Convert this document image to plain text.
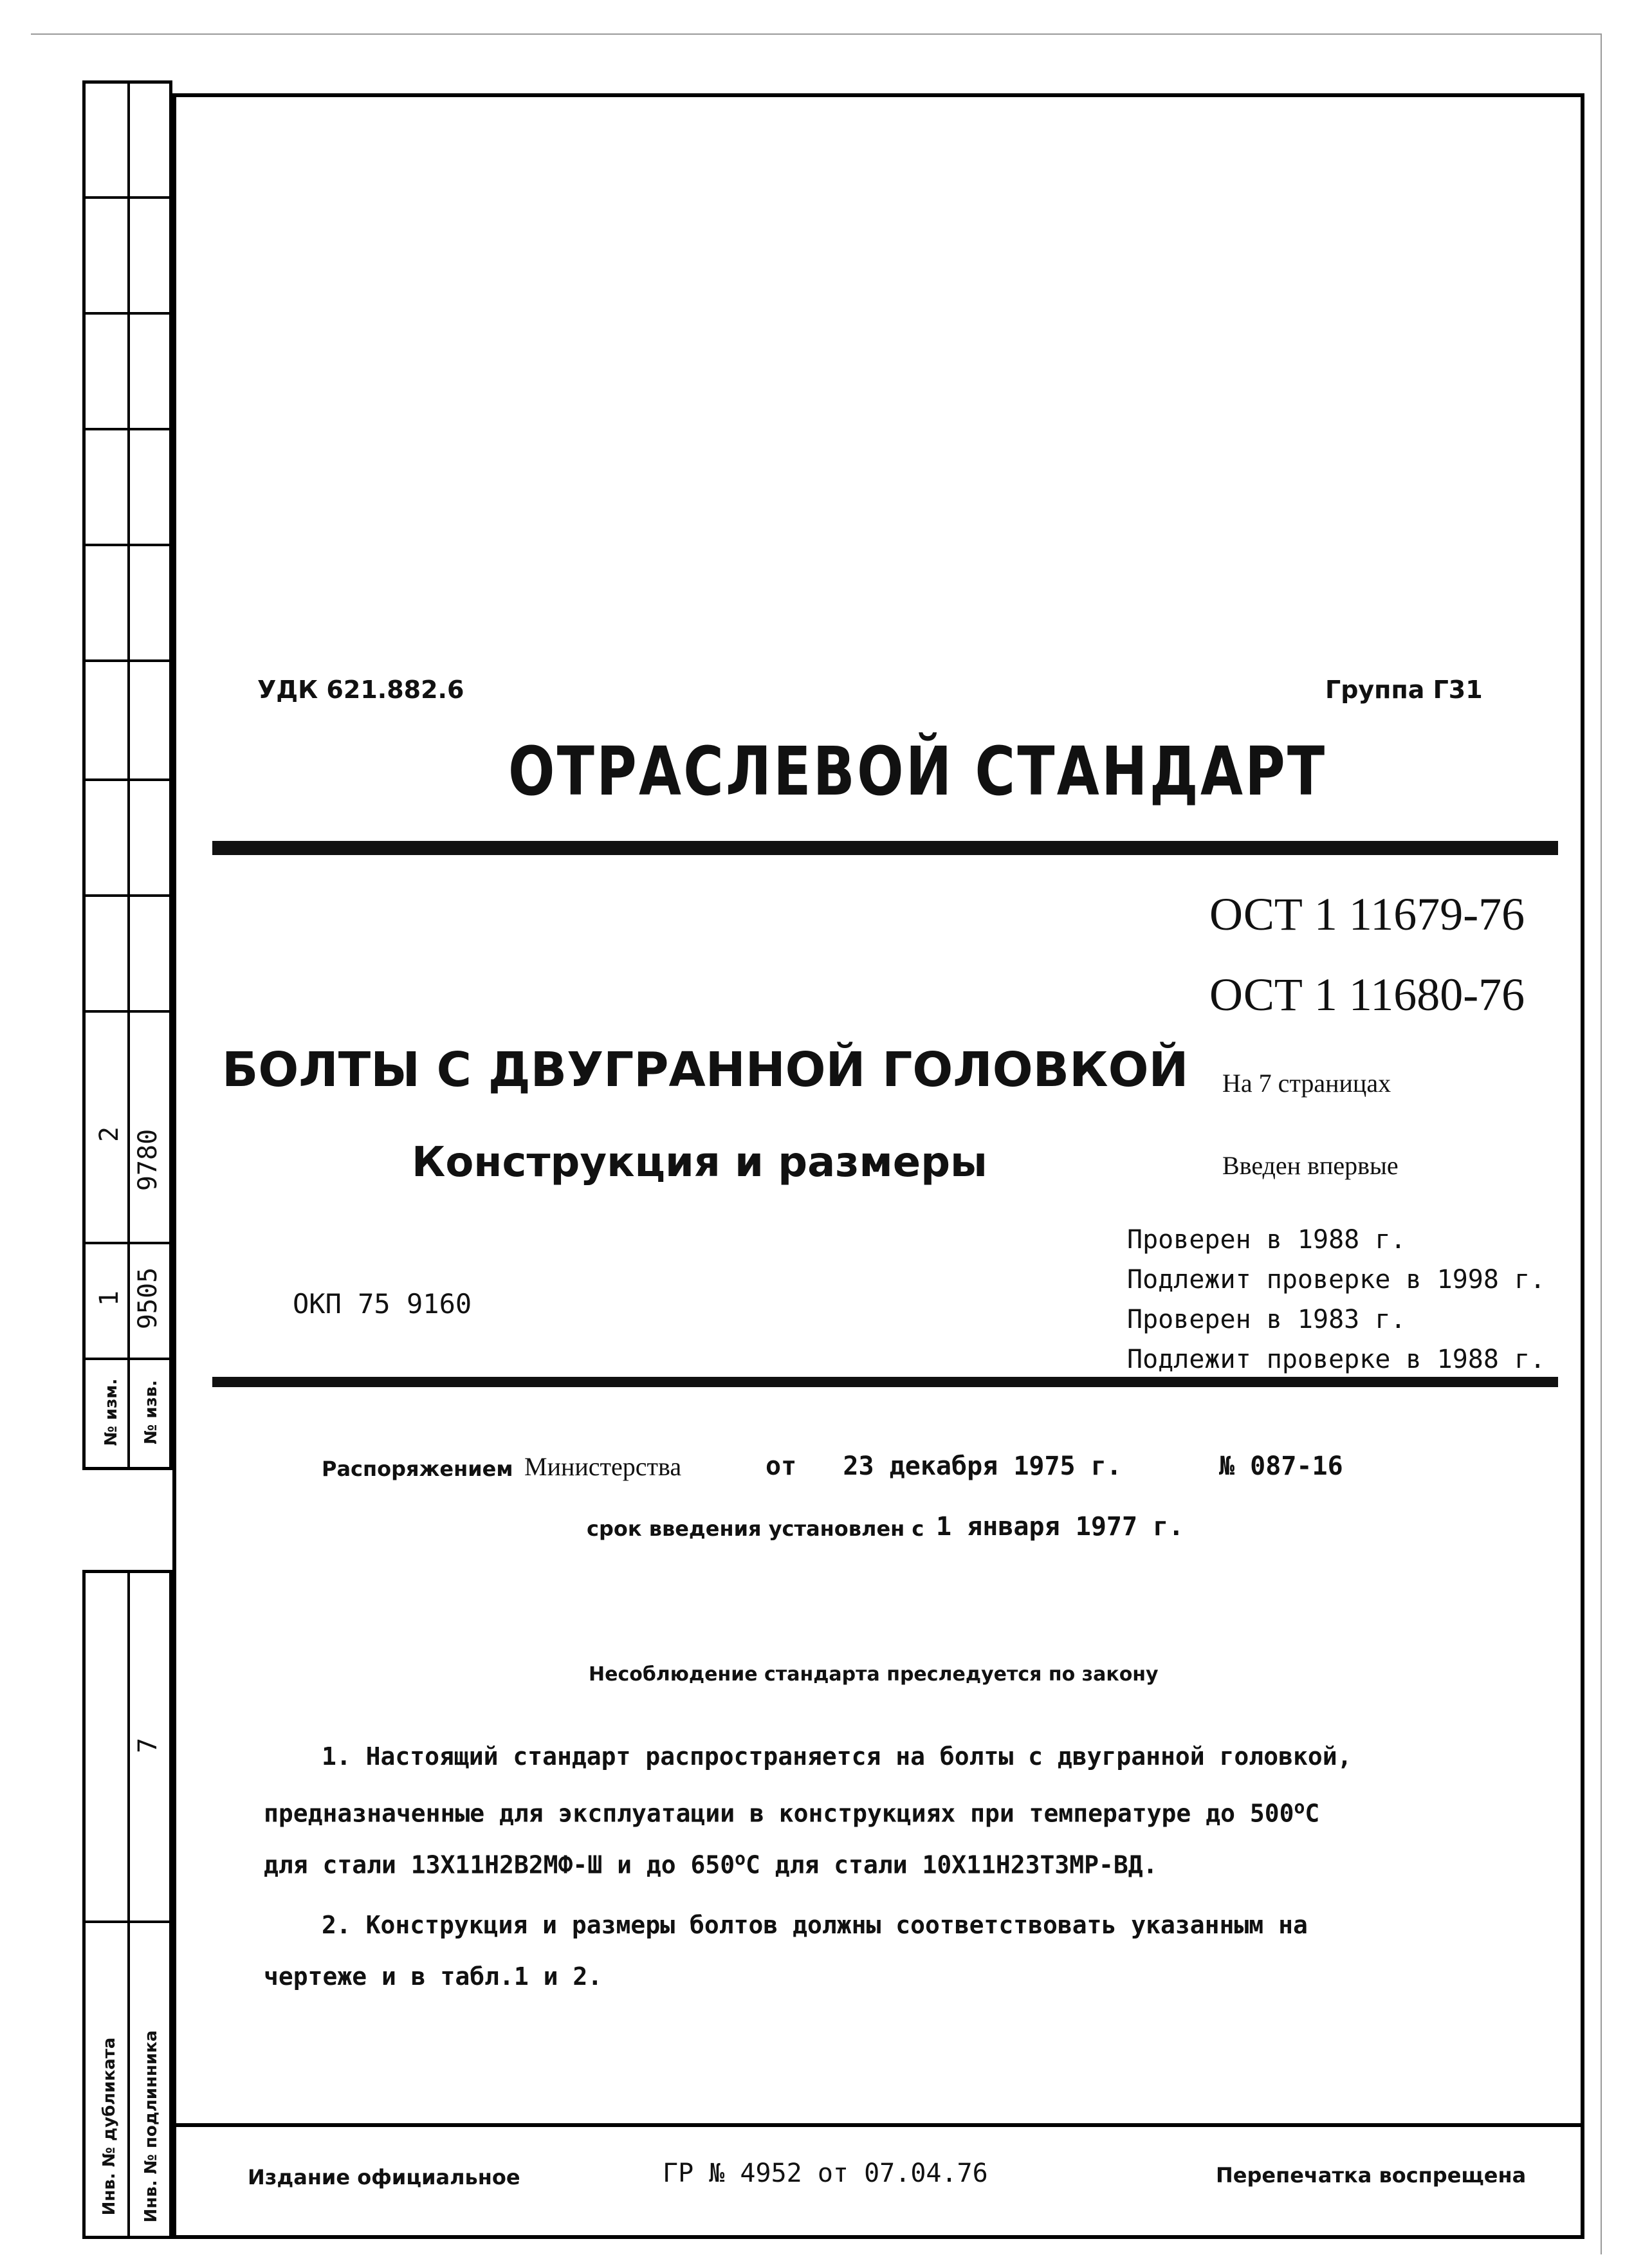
2 9780
1 9505
№ изм. № изв.
7
Инв. № дубликата Инв. № подлинника
УДК 621.882.6	Группа Г31
ОТРАСЛЕВОЙ СТАНДАРТ
ОСТ 1 11679-76
ОСТ 1 11680-76
БОЛТЫ С ДВУГРАННОЙ ГОЛОВКОЙ На 7 страницах
Конструкция и размеры	Введен впервые
ОКП 75 9160
Проверен в 1988 г.
Подлежит проверке в 1998 г.
Проверен в 1983 г.
Подлежит проверке в 1988 г.
Распоряжением Министерства	от   23 декабря 1975 г.	№ 087-16
срок введения установлен с 1 января 1977 г.
Несоблюдение стандарта преследуется по закону
1. Настоящий стандарт распространяется на болты с двугранной головкой,
предназначенные для эксплуатации в конструкциях при температуре до 500$^o$C
для стали 13Х11Н2В2МФ-Ш и до 650$^o$С для стали 10Х11Н23Т3МР-ВД.
2. Конструкция и размеры болтов должны соответствовать указанным на
чертеже и в табл.1 и 2.
Издание официальное	ГР № 4952 от 07.04.76	Перепечатка воспрещена
